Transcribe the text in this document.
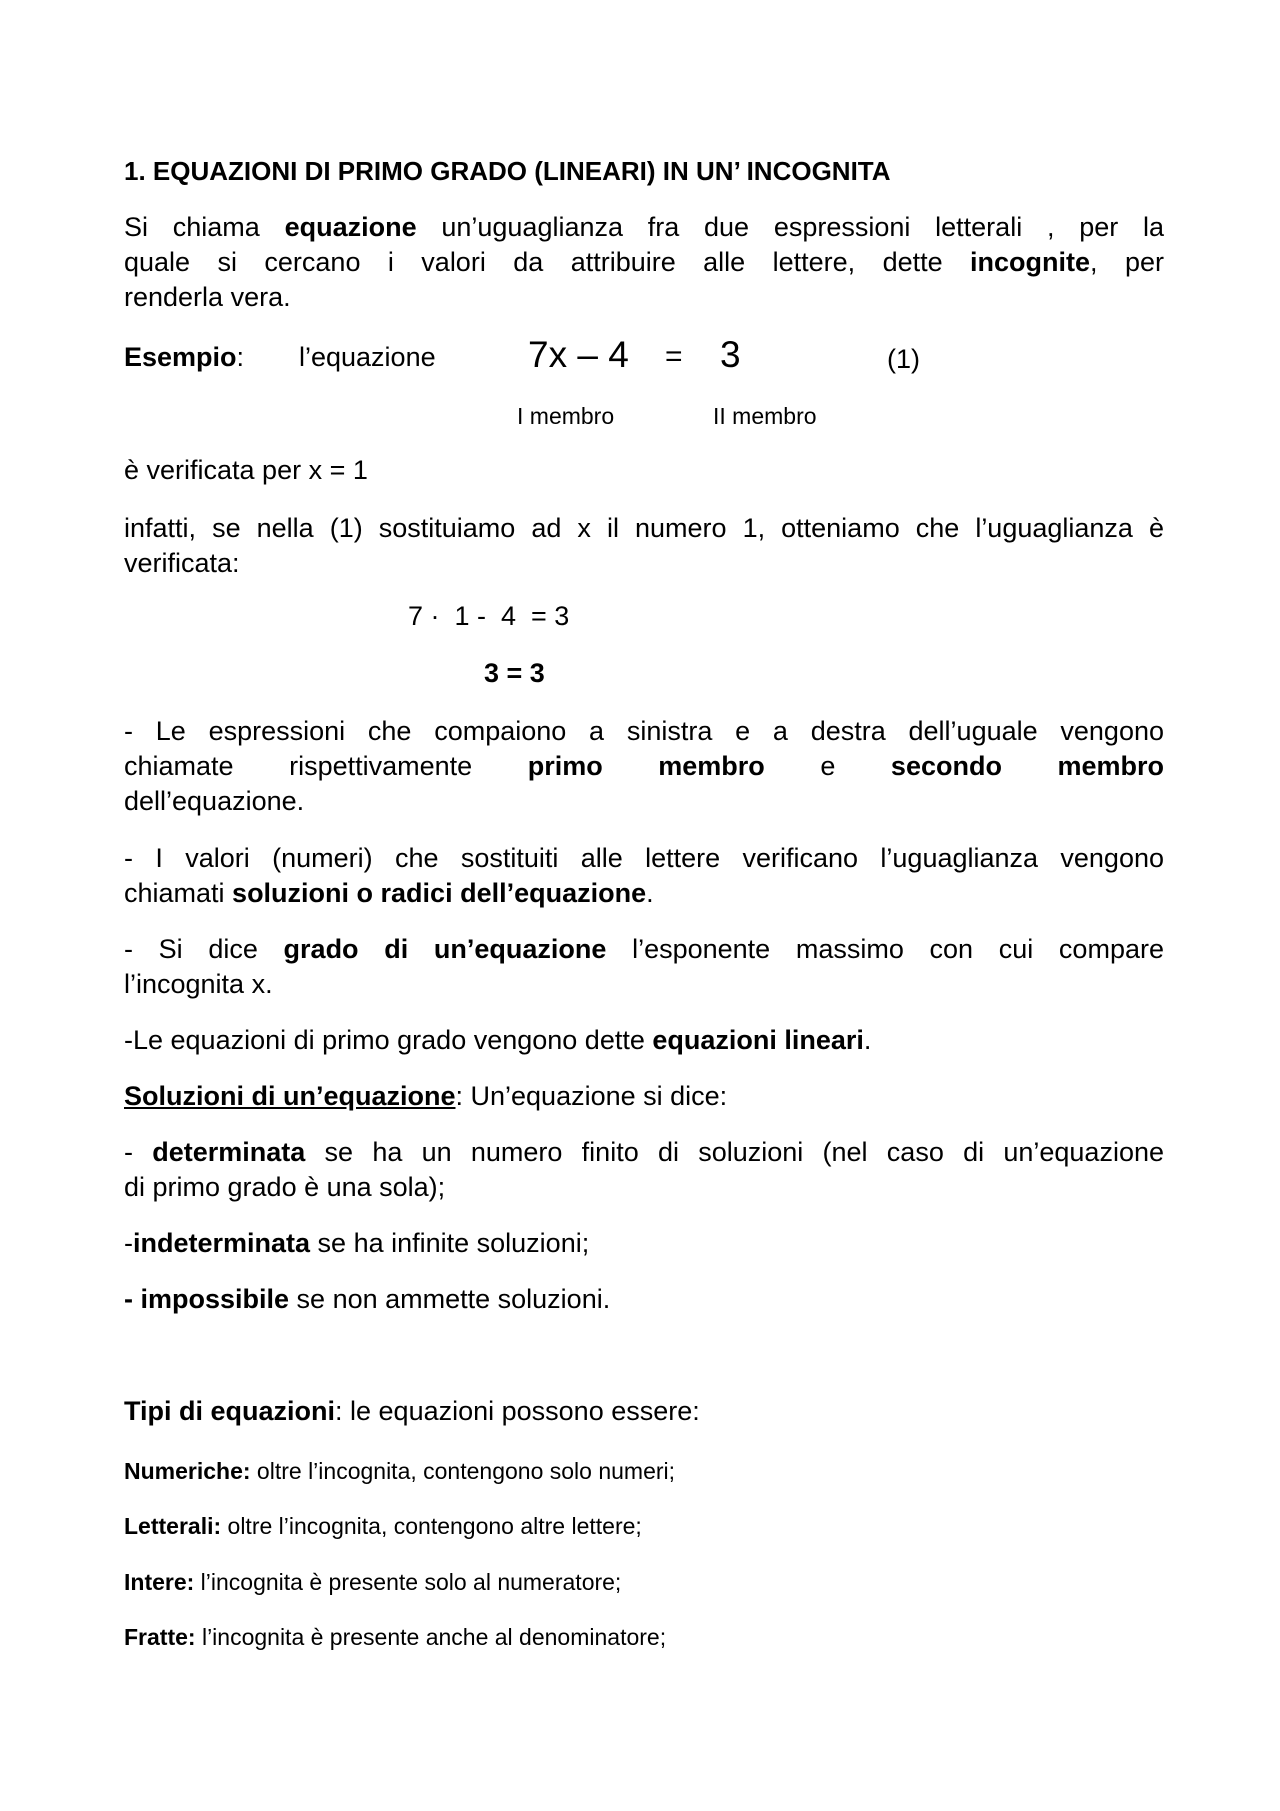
1. EQUAZIONI DI PRIMO GRADO (LINEARI) IN UN’ INCOGNITA
Si chiama equazione un’uguaglianza fra due espressioni letterali , per la
quale si cercano i valori da attribuire alle lettere, dette incognite, per
renderla vera.
Esempio: l’equazione 7x – 4 = 3	(1)
I membro	II membro
è verificata per x = 1
infatti, se nella (1) sostituiamo ad x il numero 1, otteniamo che l’uguaglianza è
verificata:
7 ·  1 -  4  = 3
3 = 3
- Le espressioni che compaiono a sinistra e a destra dell’uguale vengono
chiamate rispettivamente primo membro e secondo membro
dell’equazione.
- I valori (numeri) che sostituiti alle lettere verificano l’uguaglianza vengono
chiamati soluzioni o radici dell’equazione.
- Si dice grado di un’equazione l’esponente massimo con cui compare
l’incognita x.
-Le equazioni di primo grado vengono dette equazioni lineari.
Soluzioni di un’equazione: Un’equazione si dice:
- determinata se ha un numero finito di soluzioni (nel caso di un’equazione
di primo grado è una sola);
-indeterminata se ha infinite soluzioni;
- impossibile se non ammette soluzioni.
Tipi di equazioni: le equazioni possono essere:
Numeriche: oltre l’incognita, contengono solo numeri;
Letterali: oltre l’incognita, contengono altre lettere;
Intere: l’incognita è presente solo al numeratore;
Fratte: l’incognita è presente anche al denominatore;
